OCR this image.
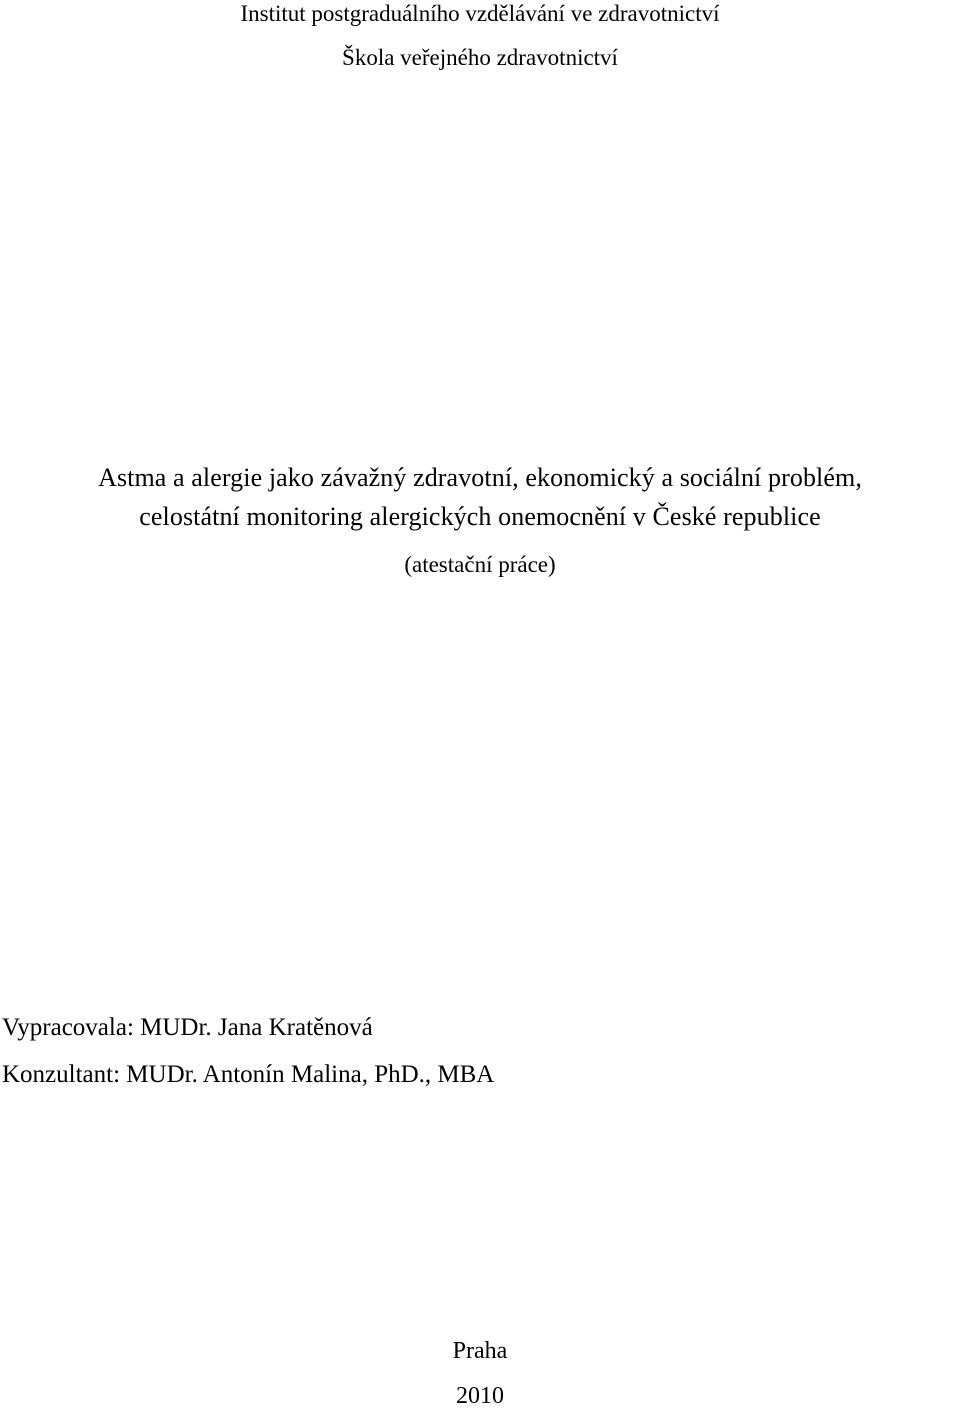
Institut postgraduálního vzdělávání ve zdravotnictví
Škola veřejného zdravotnictví
Astma a alergie jako závažný zdravotní, ekonomický a sociální problém,
celostátní monitoring alergických onemocnění v České republice
(atestační práce)
Vypracovala: MUDr. Jana Kratěnová
Konzultant: MUDr. Antonín Malina, PhD., MBA
Praha
2010
